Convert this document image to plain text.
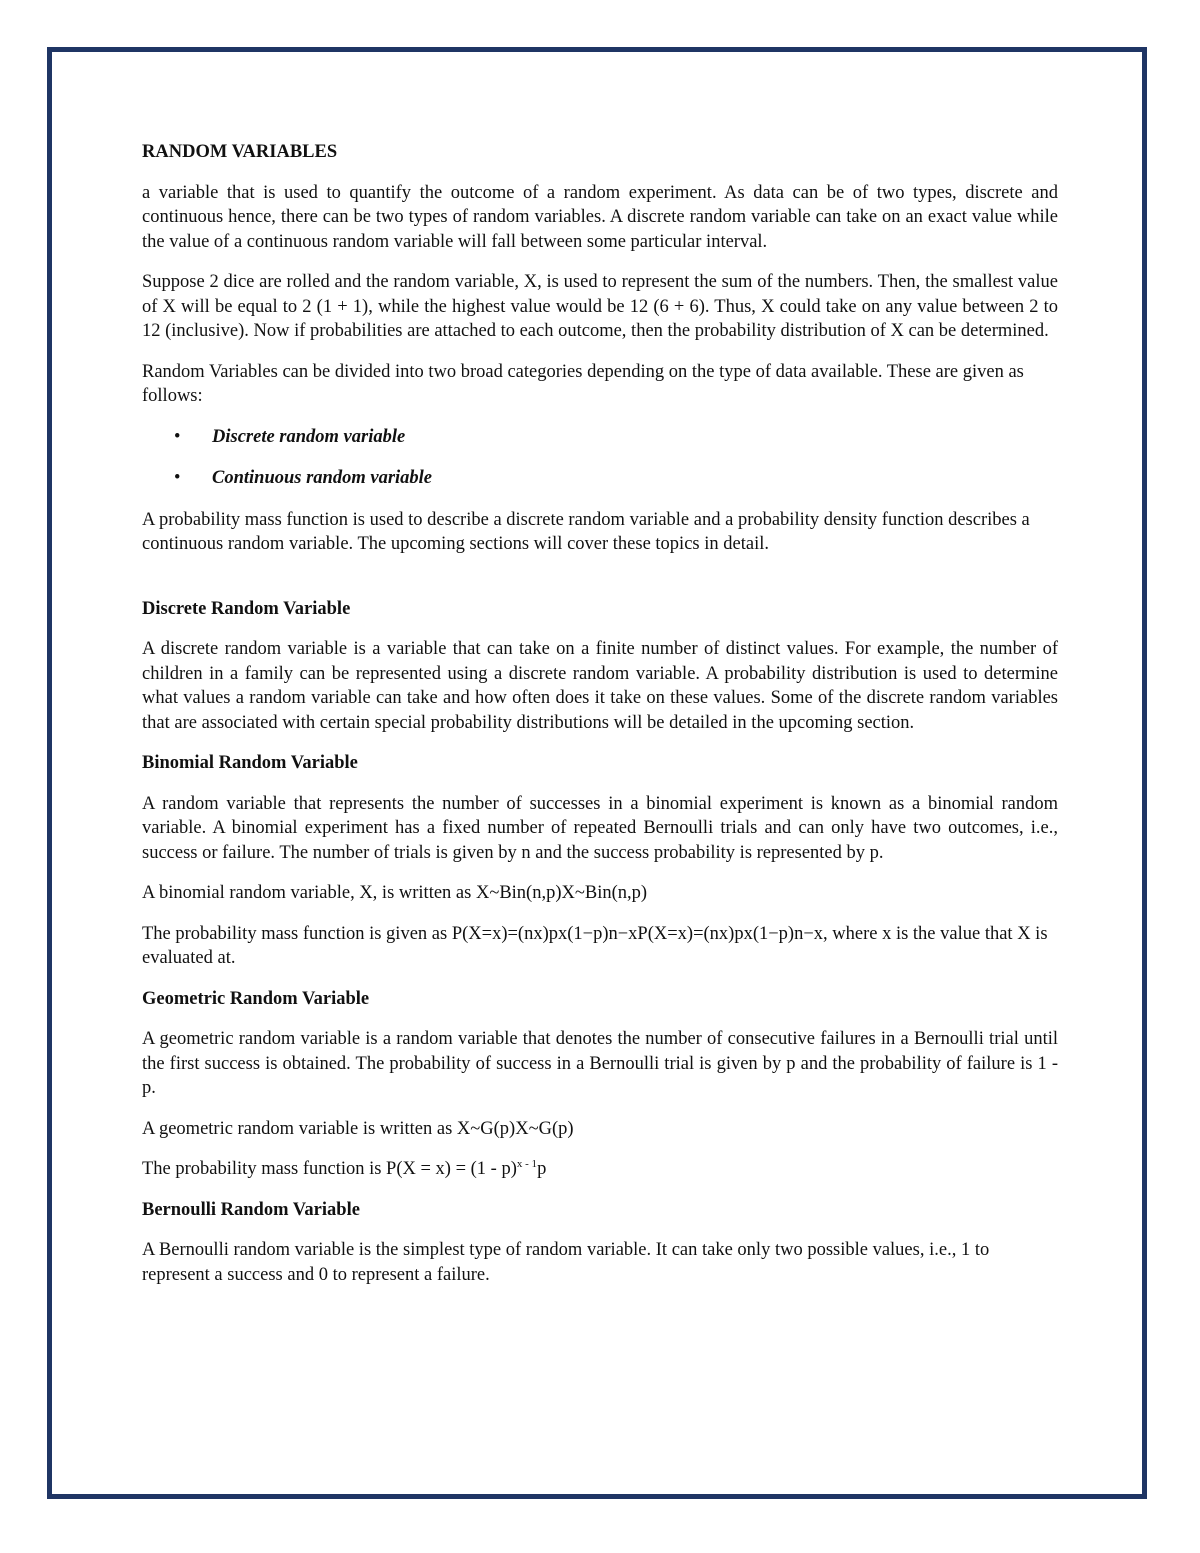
RANDOM VARIABLES

a variable that is used to quantify the outcome of a random experiment. As data can be of two types, discrete and continuous hence, there can be two types of random variables. A discrete random variable can take on an exact value while the value of a continuous random variable will fall between some particular interval.

Suppose 2 dice are rolled and the random variable, X, is used to represent the sum of the numbers. Then, the smallest value of X will be equal to 2 (1 + 1), while the highest value would be 12 (6 + 6). Thus, X could take on any value between 2 to 12 (inclusive). Now if probabilities are attached to each outcome, then the probability distribution of X can be determined.

Random Variables can be divided into two broad categories depending on the type of data available. These are given as follows:

• Discrete random variable
• Continuous random variable

A probability mass function is used to describe a discrete random variable and a probability density function describes a continuous random variable. The upcoming sections will cover these topics in detail.

Discrete Random Variable

A discrete random variable is a variable that can take on a finite number of distinct values. For example, the number of children in a family can be represented using a discrete random variable. A probability distribution is used to determine what values a random variable can take and how often does it take on these values. Some of the discrete random variables that are associated with certain special probability distributions will be detailed in the upcoming section.

Binomial Random Variable

A random variable that represents the number of successes in a binomial experiment is known as a binomial random variable. A binomial experiment has a fixed number of repeated Bernoulli trials and can only have two outcomes, i.e., success or failure. The number of trials is given by n and the success probability is represented by p.

A binomial random variable, X, is written as X~Bin(n,p)X~Bin(n,p)

The probability mass function is given as P(X=x)=(nx)px(1−p)n−xP(X=x)=(nx)px(1−p)n−x, where x is the value that X is evaluated at.

Geometric Random Variable

A geometric random variable is a random variable that denotes the number of consecutive failures in a Bernoulli trial until the first success is obtained. The probability of success in a Bernoulli trial is given by p and the probability of failure is 1 - p.

A geometric random variable is written as X~G(p)X~G(p)

The probability mass function is P(X = x) = (1 - p)$^{x - 1}$p

Bernoulli Random Variable

A Bernoulli random variable is the simplest type of random variable. It can take only two possible values, i.e., 1 to represent a success and 0 to represent a failure.
